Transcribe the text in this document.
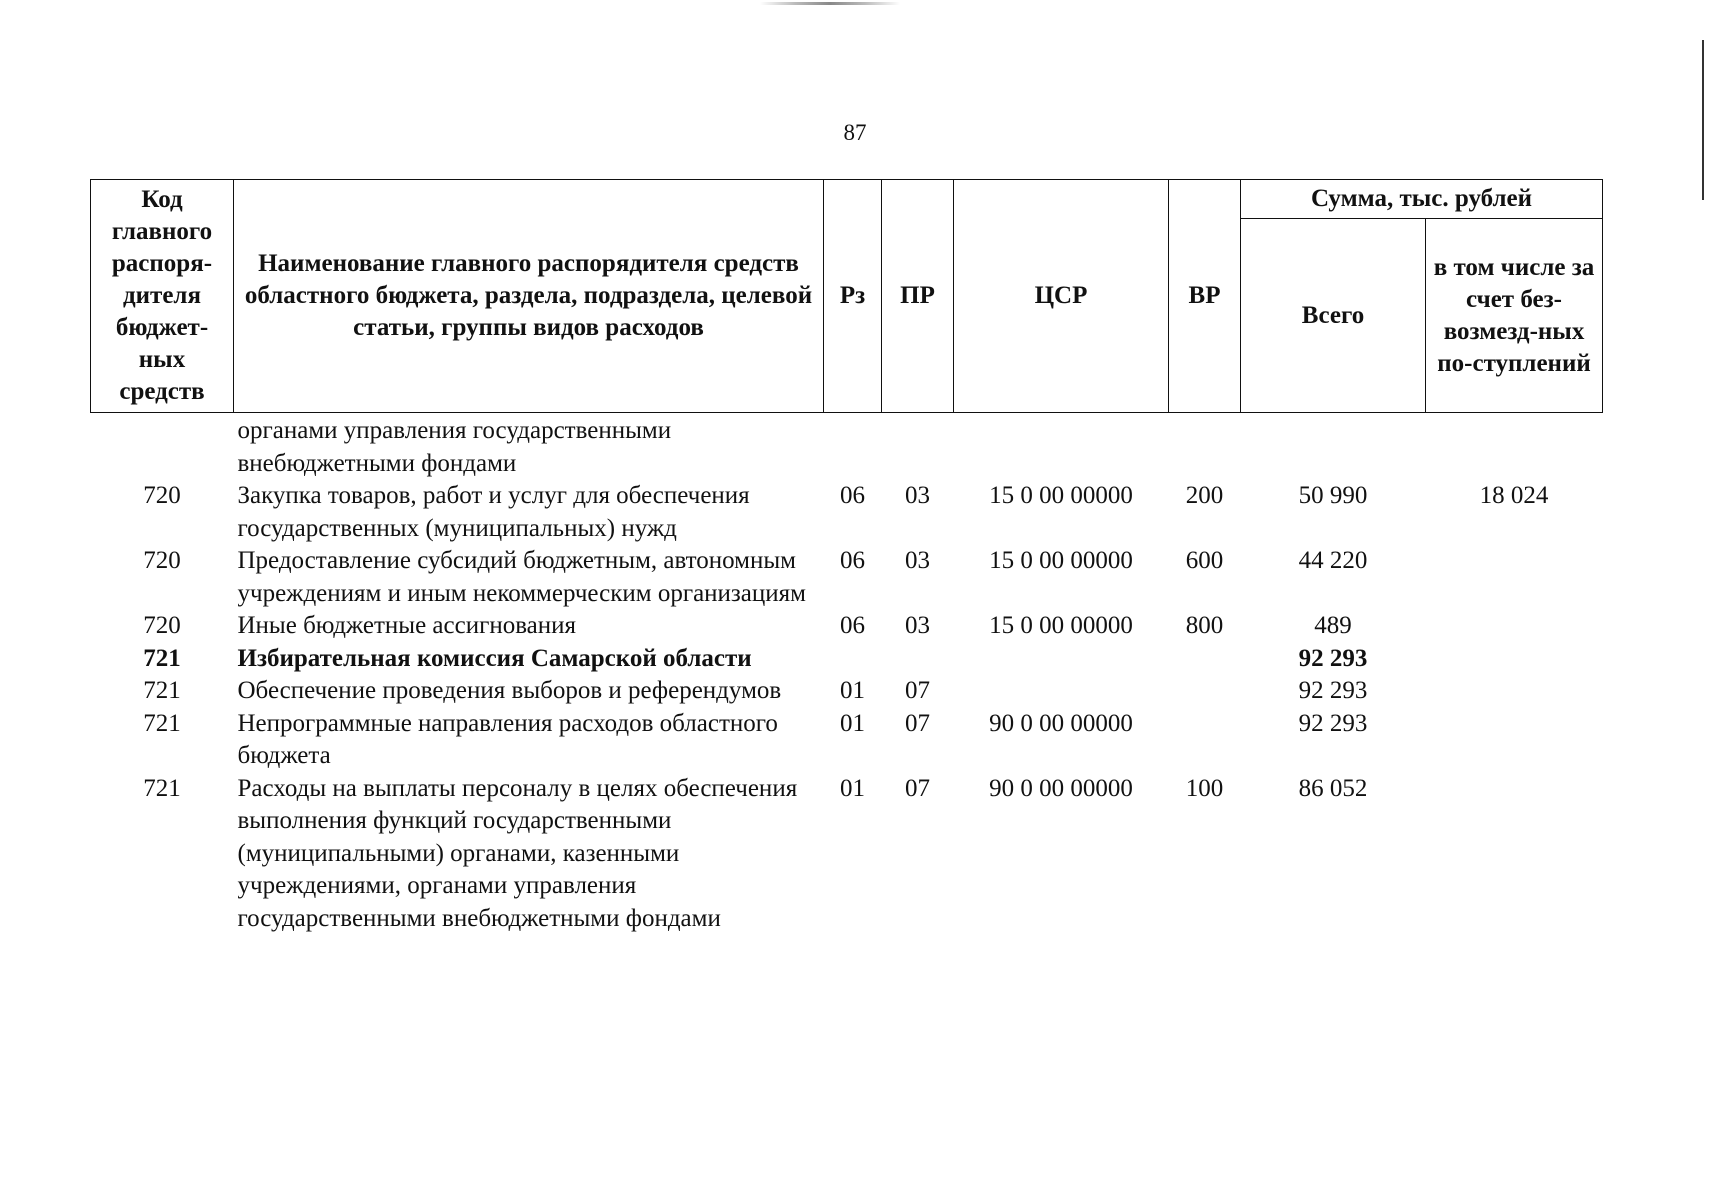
87
Код главного распоря-дителя бюджет-ных средств	Наименование главного распорядителя средств областного бюджета, раздела, подраздела, целевой статьи, группы видов расходов	Рз	ПР	ЦСР	ВР	Сумма, тыс. рублей	
						Всего	в том числе за счет без-возмезд-ных по-ступлений
	органами управления государственными внебюджетными фондами						
720	Закупка товаров, работ и услуг для обеспечения государственных (муниципальных) нужд	06	03	15 0 00 00000	200	50 990	18 024
720	Предоставление субсидий бюджетным, автономным учреждениям и иным некоммерческим организациям	06	03	15 0 00 00000	600	44 220	
720	Иные бюджетные ассигнования	06	03	15 0 00 00000	800	489	
721	Избирательная комиссия Самарской области					92 293	
721	Обеспечение проведения выборов и референдумов	01	07			92 293	
721	Непрограммные направления расходов областного бюджета	01	07	90 0 00 00000		92 293	
721	Расходы на выплаты персоналу в целях обеспечения выполнения функций государственными (муниципальными) органами, казенными учреждениями, органами управления государственными внебюджетными фондами	01	07	90 0 00 00000	100	86 052	
